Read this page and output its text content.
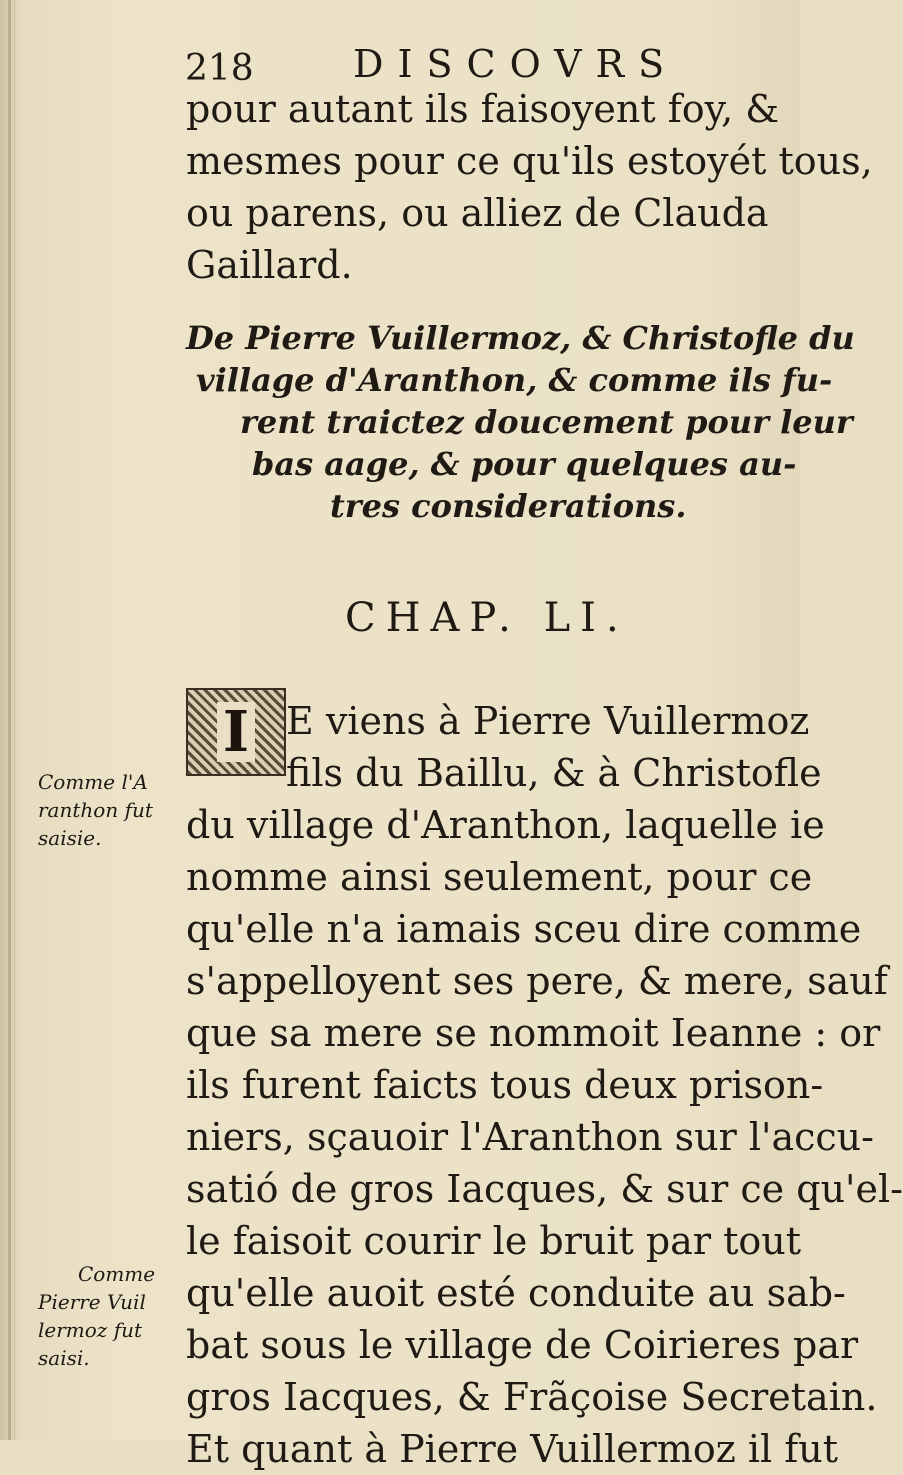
218	DISCOVRS
pour autant ils faisoyent foy, &
mesmes pour ce qu'ils estoyét tous,
ou parens, ou alliez de Clauda
Gaillard.
De Pierre Vuillermoz, & Christofle du
village d'Aranthon, & comme ils fu-
rent traictez doucement pour leur
bas aage, & pour quelques au-
tres considerations.
CHAP. LI.
I E viens à Pierre Vuillermoz
fils du Baillu, & à Christofle
du village d'Aranthon, laquelle ie
nomme ainsi seulement, pour ce
qu'elle n'a iamais sceu dire comme
s'appelloyent ses pere, & mere, sauf
que sa mere se nommoit Ieanne : or
ils furent faicts tous deux prison-
niers, sçauoir l'Aranthon sur l'accu-
satió de gros Iacques, & sur ce qu'el-
le faisoit courir le bruit par tout
qu'elle auoit esté conduite au sab-
bat sous le village de Coirieres par
gros Iacques, & Frãçoise Secretain.
Et quant à Pierre Vuillermoz il fut
Comme l'A
ranthon fut
saisie.
Comme
Pierre Vuil
lermoz fut
saisi.
